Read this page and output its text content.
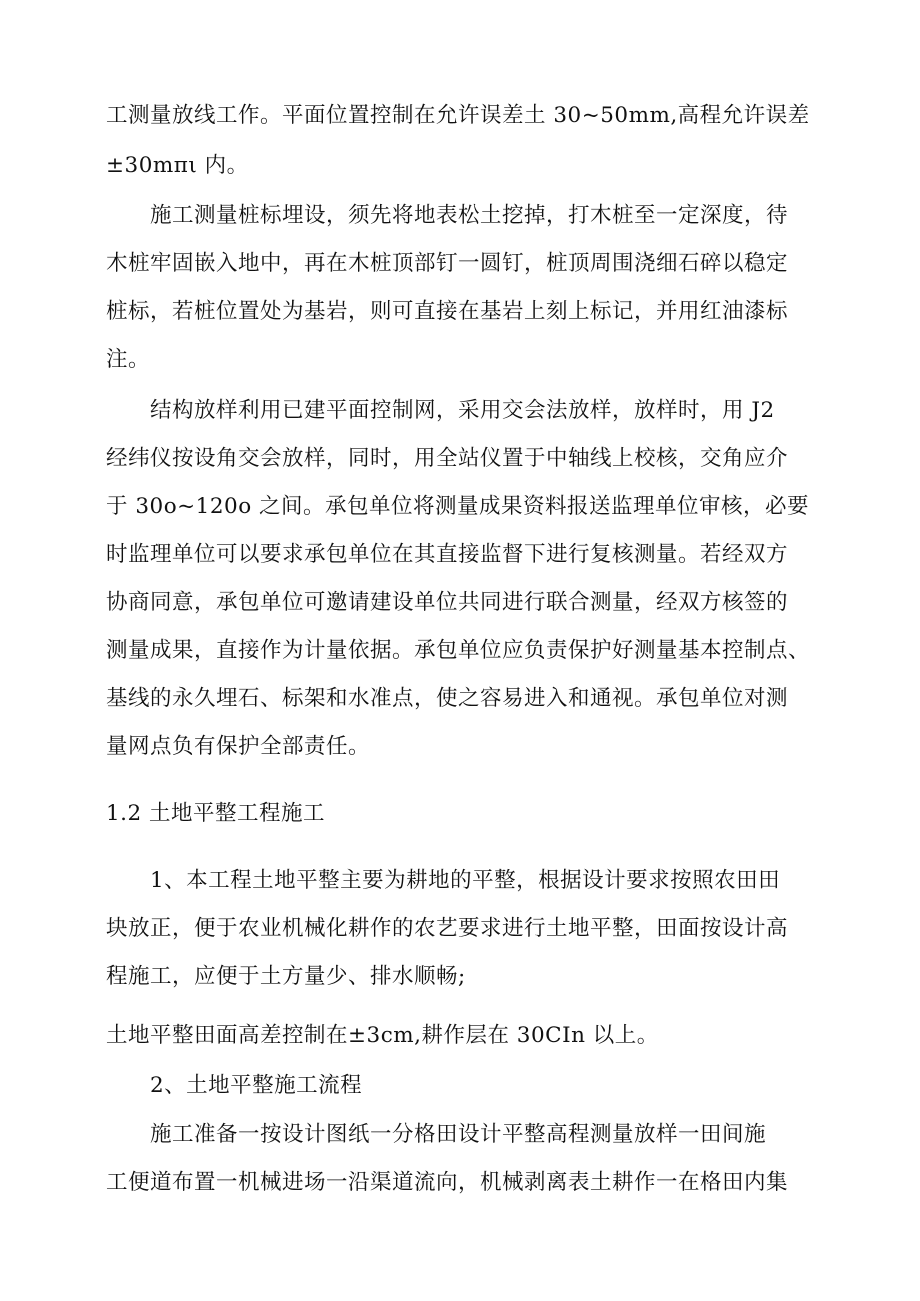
工测量放线工作。平面位置控制在允许误差土 30~50mm,高程允许误差
±30mπι 内。
施工测量桩标埋设，须先将地表松土挖掉，打木桩至一定深度，待
木桩牢固嵌入地中，再在木桩顶部钉一圆钉，桩顶周围浇细石碎以稳定
桩标，若桩位置处为基岩，则可直接在基岩上刻上标记，并用红油漆标
注。
结构放样利用已建平面控制网，采用交会法放样，放样时，用 J2
经纬仪按设角交会放样，同时，用全站仪置于中轴线上校核，交角应介
于 30o~120o 之间。承包单位将测量成果资料报送监理单位审核，必要
时监理单位可以要求承包单位在其直接监督下进行复核测量。若经双方
协商同意，承包单位可邀请建设单位共同进行联合测量，经双方核签的
测量成果，直接作为计量依据。承包单位应负责保护好测量基本控制点、
基线的永久埋石、标架和水准点，使之容易进入和通视。承包单位对测
量网点负有保护全部责任。
1.2 土地平整工程施工
1、本工程土地平整主要为耕地的平整，根据设计要求按照农田田
块放正，便于农业机械化耕作的农艺要求进行土地平整，田面按设计高
程施工，应便于土方量少、排水顺畅;
土地平整田面高差控制在±3cm,耕作层在 30CIn 以上。
2、土地平整施工流程
施工准备一按设计图纸一分格田设计平整高程测量放样一田间施
工便道布置一机械进场一沿渠道流向，机械剥离表土耕作一在格田内集
